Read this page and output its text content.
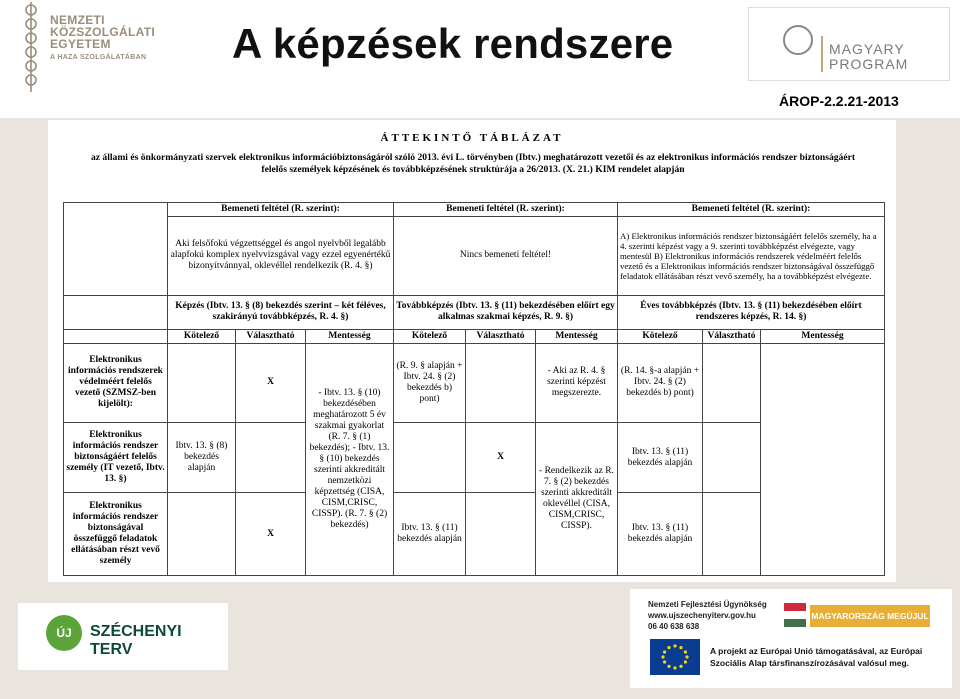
NEMZETI
KÖZSZOLGÁLATI
EGYETEM
A HAZA SZOLGÁLATÁBAN A képzések rendszere	MAGYARY
PROGRAM
ÁROP-2.2.21-2013
ÁTTEKINTŐ TÁBLÁZAT
az állami és önkormányzati szervek elektronikus információbiztonságáról szóló 2013. évi L. törvényben (Ibtv.) meghatározott vezetői és az elektronikus információs rendszer biztonságáért felelős személyek képzésének és továbbképzésének struktúrája a 26/2013. (X. 21.) KIM rendelet alapján
	Bemeneti feltétel (R. szerint):			Bemeneti feltétel (R. szerint):			Bemeneti feltétel (R. szerint):		
	Aki felsőfokú végzettséggel és angol nyelvből legalább alapfokú komplex nyelvvizsgával vagy ezzel egyenértékű bizonyítvánnyal, oklevéllel rendelkezik (R. 4. §)			Nincs bemeneti feltétel!			A) Elektronikus információs rendszer biztonságáért felelős személy, ha a 4. szerinti képzést vagy a 9. szerinti továbbképzést elvégezte, vagy mentesül B) Elektronikus információs rendszerek védelméért felelős vezető és a Elektronikus információs rendszer biztonságával összefüggő feladatok ellátásában részt vevő személy, ha a továbbképzést elvégezte.		
	Képzés (Ibtv. 13. § (8) bekezdés szerint – két féléves, szakirányú továbbképzés, R. 4. §)			Továbbképzés (Ibtv. 13. § (11) bekezdésében előírt egy alkalmas szakmai képzés, R. 9. §)			Éves továbbképzés (Ibtv. 13. § (11) bekezdésében előírt rendszeres képzés, R. 14. §)		
	Kötelező	Választható	Mentesség	Kötelező	Választható	Mentesség	Kötelező	Választható	Mentesség
Elektronikus információs rendszerek védelméért felelős vezető (SZMSZ-ben kijelölt):		X	- Ibtv. 13. § (10) bekezdésében meghatározott 5 év szakmai gyakorlat (R. 7. § (1) bekezdés); - Ibtv. 13. § (10) bekezdés szerinti akkreditált nemzetközi képzettség (CISA, CISM,CRISC, CISSP). (R. 7. § (2) bekezdés)	(R. 9. § alapján + Ibtv. 24. § (2) bekezdés b) pont)		- Aki az R. 4. § szerinti képzést megszerezte.	(R. 14. §-a alapján + Ibtv. 24. § (2) bekezdés b) pont)		
Elektronikus információs rendszer biztonságáért felelős személy (IT vezető, Ibtv. 13. §)	Ibtv. 13. § (8) bekezdés alapján				X	- Rendelkezik az R. 7. § (2) bekezdés szerinti akkreditált oklevéllel (CISA, CISM,CRISC, CISSP).	Ibtv. 13. § (11) bekezdés alapján		
Elektronikus információs rendszer biztonságával összefüggő feladatok ellátásában részt vevő személy		X		Ibtv. 13. § (11) bekezdés alapján			Ibtv. 13. § (11) bekezdés alapján		
ÚJ	SZÉCHENYI TERV
Nemzeti Fejlesztési Ügynökség
www.ujszechenyiterv.gov.hu
06 40 638 638
MAGYARORSZÁG MEGÚJUL
A projekt az Európai Unió támogatásával, az Európai
Szociális Alap társfinanszírozásával valósul meg.
